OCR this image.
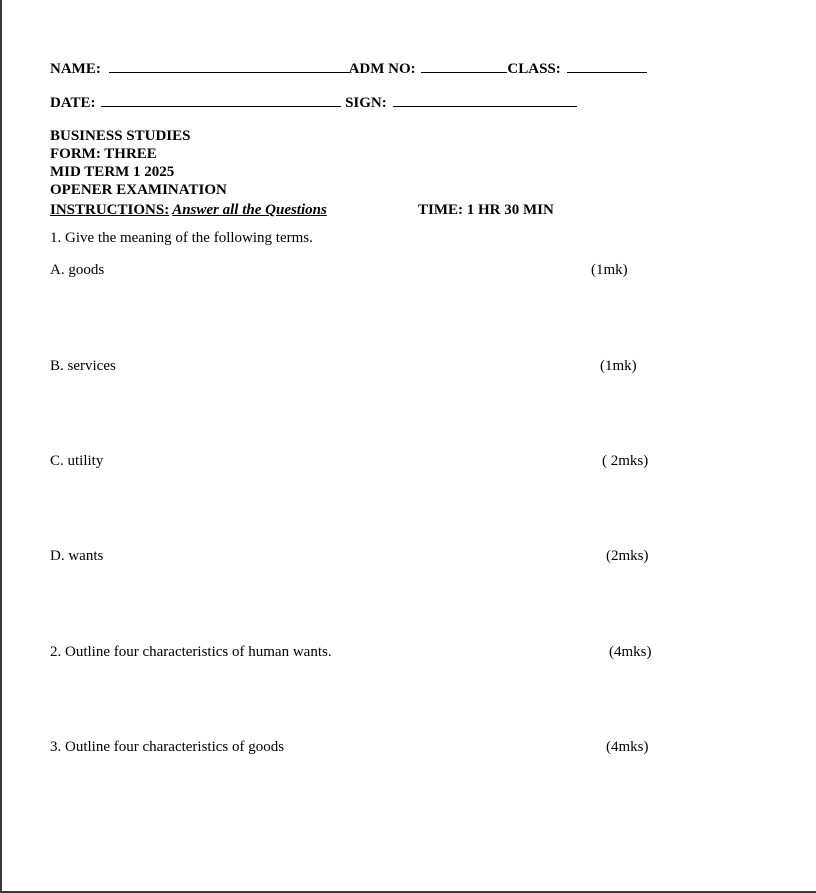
NAME:	ADM NO:	CLASS:
DATE:	SIGN:
BUSINESS STUDIES
FORM: THREE
MID TERM 1 2025
OPENER EXAMINATION
INSTRUCTIONS: Answer all the Questions	TIME: 1 HR 30 MIN
1. Give the meaning of the following terms.
A. goods	(1mk)
B. services	(1mk)
C. utility	( 2mks)
D. wants	(2mks)
2. Outline four characteristics of human wants.	(4mks)
3. Outline four characteristics of goods	(4mks)
